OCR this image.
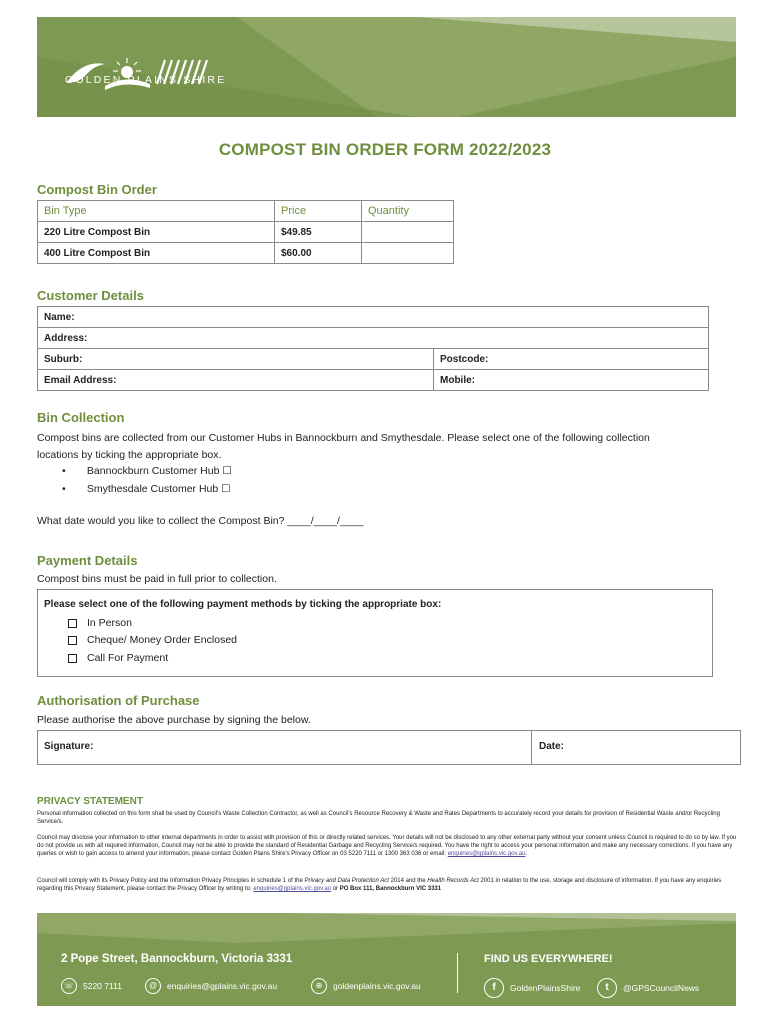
GOLDEN PLAINS SHIRE
COMPOST BIN ORDER FORM 2022/2023
Compost Bin Order
Bin Type	Price	Quantity
220 Litre Compost Bin	$49.85	
400 Litre Compost Bin	$60.00	
Customer Details
Name:	
Address:	
Suburb:	Postcode:
Email Address:	Mobile:
Bin Collection
Compost bins are collected from our Customer Hubs in Bannockburn and Smythesdale. Please select one of the following collection
locations by ticking the appropriate box.
• Bannockburn Customer Hub ☐
• Smythesdale Customer Hub ☐
What date would you like to collect the Compost Bin? ____/____/____
Payment Details
Compost bins must be paid in full prior to collection.
Please select one of the following payment methods by ticking the appropriate box:
In Person
Cheque/ Money Order Enclosed
Call For Payment
Authorisation of Purchase
Please authorise the above purchase by signing the below.
Signature:	Date:
PRIVACY STATEMENT
Personal information collected on this form shall be used by Council's Waste Collection Contractor, as well as Council's Resource Recovery & Waste and Rates Departments to accurately record your details for provision of Residential Waste and/or Recycling Service/s.
Council may disclose your information to other internal departments in order to assist with provision of this or directly related services. Your details will not be disclosed to any other external party without your consent unless Council is required to do so by law. If you do not provide us with all required information, Council may not be able to provide the standard of Residential Garbage and Recycling Service/s required. You have the right to access your personal information and make any necessary corrections. If you have any queries or wish to gain access to amend your information, please contact Golden Plains Shire's Privacy Officer on 03 5220 7111 or 1300 363 036 or email: enquiries@gplains.vic.gov.au.
Council will comply with its Privacy Policy and the Information Privacy Principles in schedule 1 of the Privacy and Data Protection Act 2014 and the Health Records Act 2001 in relation to the use, storage and disclosure of information. If you have any enquiries regarding this Privacy Statement, please contact the Privacy Officer by writing to: enquiries@gplains.vic.gov.au or PO Box 111, Bannockburn VIC 3331
2 Pope Street, Bannockburn, Victoria 3331
☏	5220 7111	@	enquiries@gplains.vic.gov.au	⊕	goldenplains.vic.gov.au
FIND US EVERYWHERE!
f	GoldenPlainsShire	t	@GPSCouncilNews
